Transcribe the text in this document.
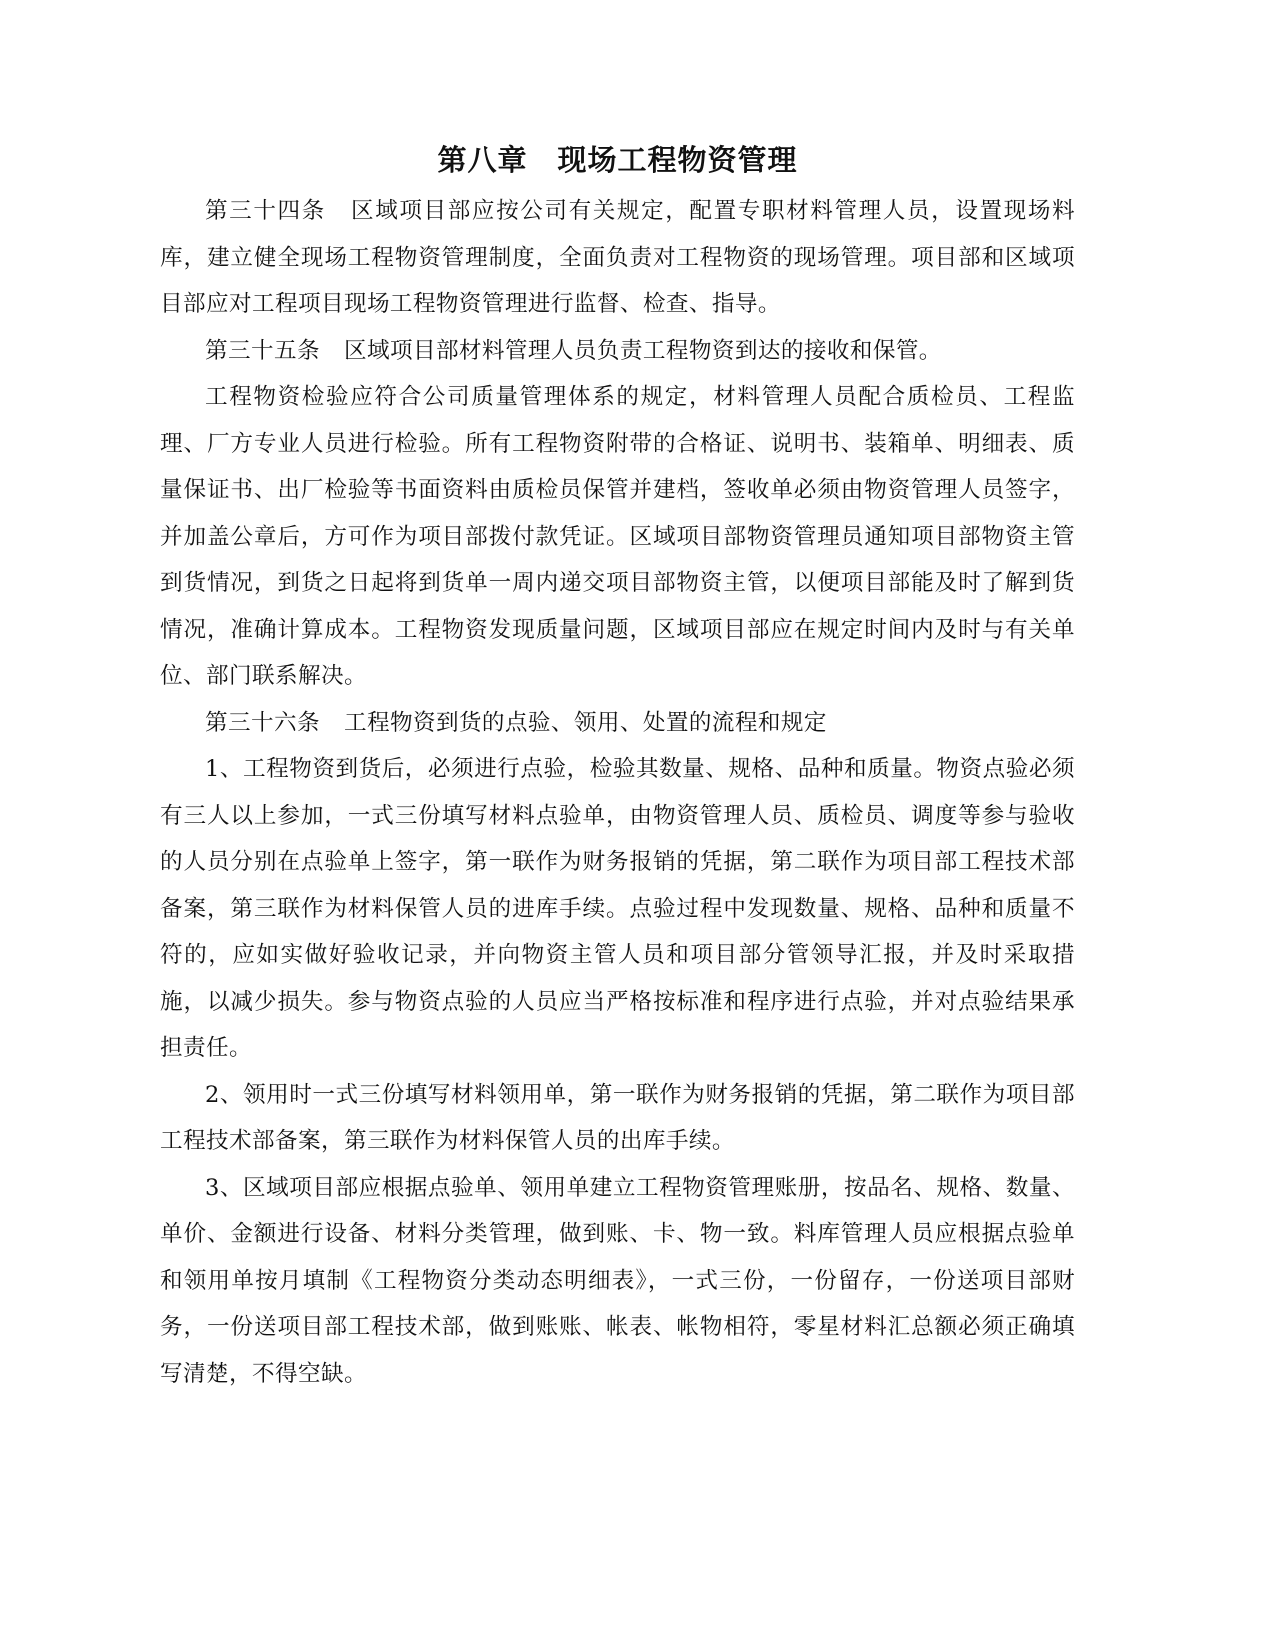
第八章 现场工程物资管理

第三十四条 区域项目部应按公司有关规定，配置专职材料管理人员，设置现场料库，建立健全现场工程物资管理制度，全面负责对工程物资的现场管理。项目部和区域项目部应对工程项目现场工程物资管理进行监督、检查、指导。

第三十五条 区域项目部材料管理人员负责工程物资到达的接收和保管。

工程物资检验应符合公司质量管理体系的规定，材料管理人员配合质检员、工程监理、厂方专业人员进行检验。所有工程物资附带的合格证、说明书、装箱单、明细表、质量保证书、出厂检验等书面资料由质检员保管并建档，签收单必须由物资管理人员签字，并加盖公章后，方可作为项目部拨付款凭证。区域项目部物资管理员通知项目部物资主管到货情况，到货之日起将到货单一周内递交项目部物资主管，以便项目部能及时了解到货情况，准确计算成本。工程物资发现质量问题，区域项目部应在规定时间内及时与有关单位、部门联系解决。

第三十六条 工程物资到货的点验、领用、处置的流程和规定

1、工程物资到货后，必须进行点验，检验其数量、规格、品种和质量。物资点验必须有三人以上参加，一式三份填写材料点验单，由物资管理人员、质检员、调度等参与验收的人员分别在点验单上签字，第一联作为财务报销的凭据，第二联作为项目部工程技术部备案，第三联作为材料保管人员的进库手续。点验过程中发现数量、规格、品种和质量不符的，应如实做好验收记录，并向物资主管人员和项目部分管领导汇报，并及时采取措施，以减少损失。参与物资点验的人员应当严格按标准和程序进行点验，并对点验结果承担责任。

2、领用时一式三份填写材料领用单，第一联作为财务报销的凭据，第二联作为项目部工程技术部备案，第三联作为材料保管人员的出库手续。

3、区域项目部应根据点验单、领用单建立工程物资管理账册，按品名、规格、数量、单价、金额进行设备、材料分类管理，做到账、卡、物一致。料库管理人员应根据点验单和领用单按月填制《工程物资分类动态明细表》，一式三份，一份留存，一份送项目部财务，一份送项目部工程技术部，做到账账、帐表、帐物相符，零星材料汇总额必须正确填写清楚，不得空缺。
